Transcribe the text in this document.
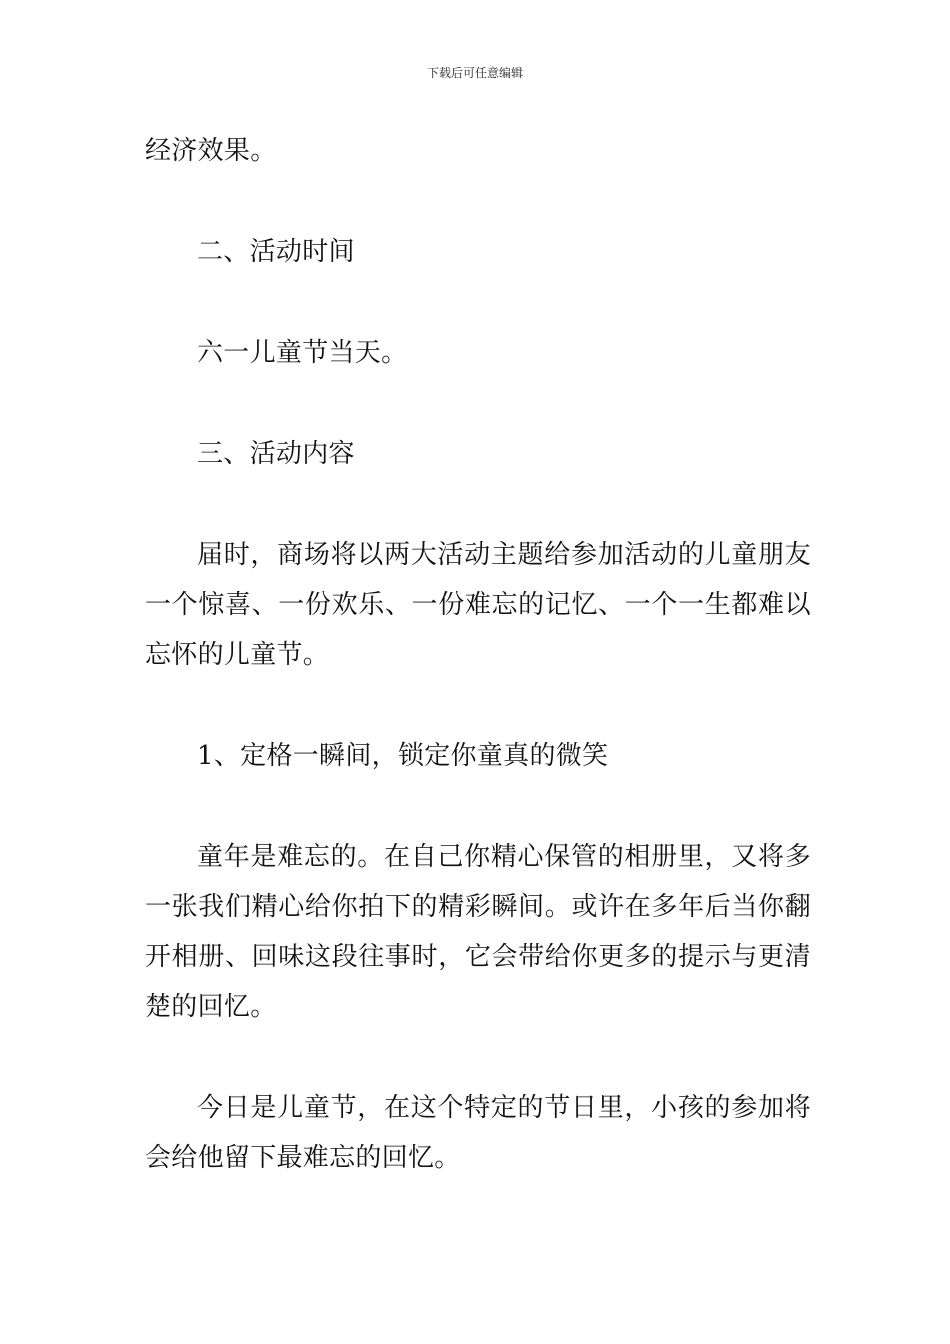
下载后可任意编辑

经济效果。

二、活动时间

六一儿童节当天。

三、活动内容

届时，商场将以两大活动主题给参加活动的儿童朋友一个惊喜、一份欢乐、一份难忘的记忆、一个一生都难以忘怀的儿童节。

1、定格一瞬间，锁定你童真的微笑

童年是难忘的。在自己你精心保管的相册里，又将多一张我们精心给你拍下的精彩瞬间。或许在多年后当你翻开相册、回味这段往事时，它会带给你更多的提示与更清楚的回忆。

今日是儿童节，在这个特定的节日里，小孩的参加将会给他留下最难忘的回忆。
